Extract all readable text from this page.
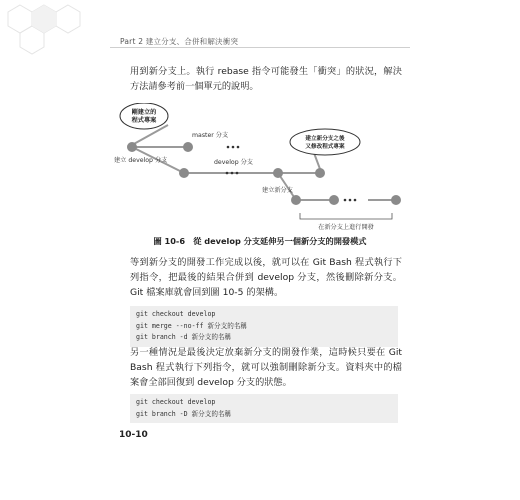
Part 2 建立分支、合併和解決衝突
用到新分支上。執行 rebase 指令可能發生「衝突」的狀況，解決方法請參考前一個單元的說明。
剛建立的
程式專案
建立新分支之後
又修改程式專案
master 分支
建立 develop 分支	develop 分支
建立新分支
在新分支上進行開發
圖 10-6　從 develop 分支延伸另一個新分支的開發模式
等到新分支的開發工作完成以後，就可以在 Git Bash 程式執行下列指令，把最後的結果合併到 develop 分支，然後刪除新分支。Git 檔案庫就會回到圖 10-5 的架構。
git checkout develop
git merge --no-ff 新分支的名稱
git branch -d 新分支的名稱
另一種情況是最後決定放棄新分支的開發作業，這時候只要在 Git Bash 程式執行下列指令，就可以強制刪除新分支。資料夾中的檔案會全部回復到 develop 分支的狀態。
git checkout develop
git branch -D 新分支的名稱
10-10
